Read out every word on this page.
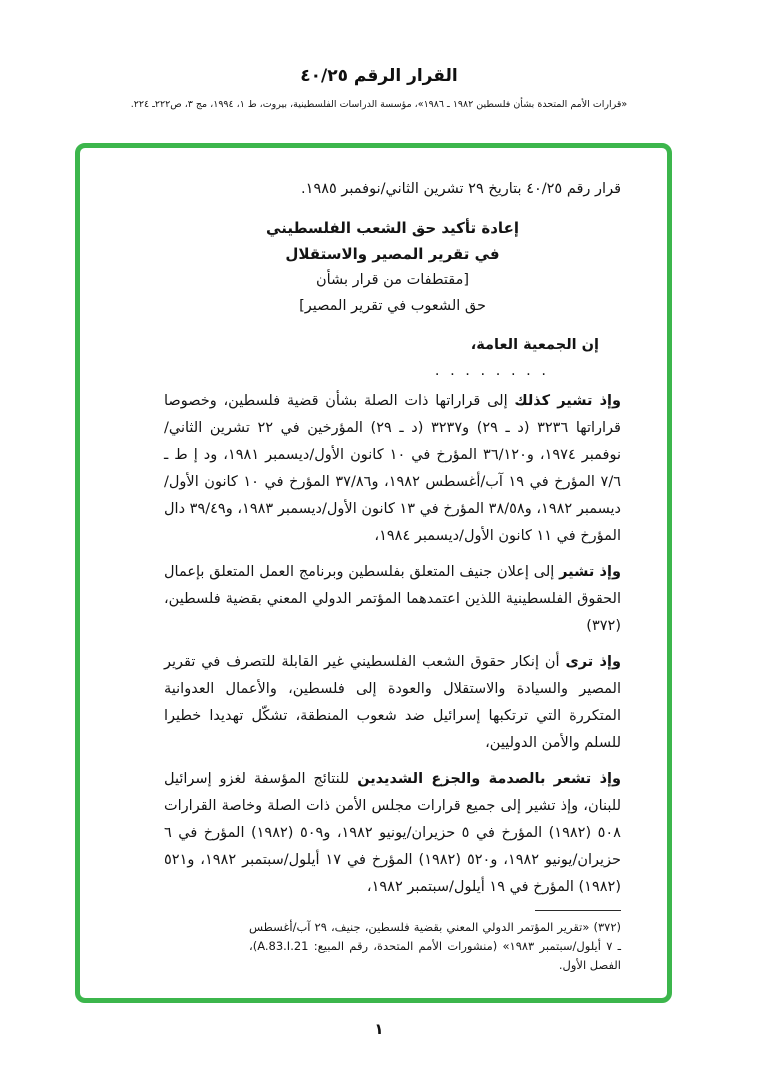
القرار الرقم ٤٠/٢٥

«قرارات الأمم المتحدة بشأن فلسطين ١٩٨٢ ـ ١٩٨٦»، مؤسسة الدراسات الفلسطينية، بيروت، ط ١، ١٩٩٤، مج ٣، ص٢٢٢ـ ٢٢٤.

قرار رقم ٤٠/٢٥ بتاريخ ٢٩ تشرين الثاني/نوفمبر ١٩٨٥.

إعادة تأكيد حق الشعب الفلسطيني
في تقرير المصير والاستقلال
[مقتطفات من قرار بشأن
حق الشعوب في تقرير المصير]

إن الجمعية العامة،

. . . . . . . .

وإذ تشير كذلك إلى قراراتها ذات الصلة بشأن قضية فلسطين، وخصوصا قراراتها ٣٢٣٦ (د ـ ٢٩) و٣٢٣٧ (د ـ ٢٩) المؤرخين في ٢٢ تشرين الثاني/نوفمبر ١٩٧٤، و٣٦/١٢٠ المؤرخ في ١٠ كانون الأول/ديسمبر ١٩٨١، ود إ ط ـ ٧/٦ المؤرخ في ١٩ آب/أغسطس ١٩٨٢، و٣٧/٨٦ المؤرخ في ١٠ كانون الأول/ديسمبر ١٩٨٢، و٣٨/٥٨ المؤرخ في ١٣ كانون الأول/ديسمبر ١٩٨٣، و٣٩/٤٩ دال المؤرخ في ١١ كانون الأول/ديسمبر ١٩٨٤،

وإذ تشير إلى إعلان جنيف المتعلق بفلسطين وبرنامج العمل المتعلق بإعمال الحقوق الفلسطينية اللذين اعتمدهما المؤتمر الدولي المعني بقضية فلسطين،(٣٧٢)

وإذ ترى أن إنكار حقوق الشعب الفلسطيني غير القابلة للتصرف في تقرير المصير والسيادة والاستقلال والعودة إلى فلسطين، والأعمال العدوانية المتكررة التي ترتكبها إسرائيل ضد شعوب المنطقة، تشكّل تهديدا خطيرا للسلم والأمن الدوليين،

وإذ تشعر بالصدمة والجزع الشديدين للنتائج المؤسفة لغزو إسرائيل للبنان، وإذ تشير إلى جميع قرارات مجلس الأمن ذات الصلة وخاصة القرارات ٥٠٨ (١٩٨٢) المؤرخ في ٥ حزيران/يونيو ١٩٨٢، و٥٠٩ (١٩٨٢) المؤرخ في ٦ حزيران/يونيو ١٩٨٢، و٥٢٠ (١٩٨٢) المؤرخ في ١٧ أيلول/سبتمبر ١٩٨٢، و٥٢١ (١٩٨٢) المؤرخ في ١٩ أيلول/سبتمبر ١٩٨٢،

(٣٧٢) «تقرير المؤتمر الدولي المعني بقضية فلسطين، جنيف، ٢٩ آب/أغسطس ـ ٧ أيلول/سبتمبر ١٩٨٣» (منشورات الأمم المتحدة، رقم المبيع: A.83.I.21)، الفصل الأول.

١
